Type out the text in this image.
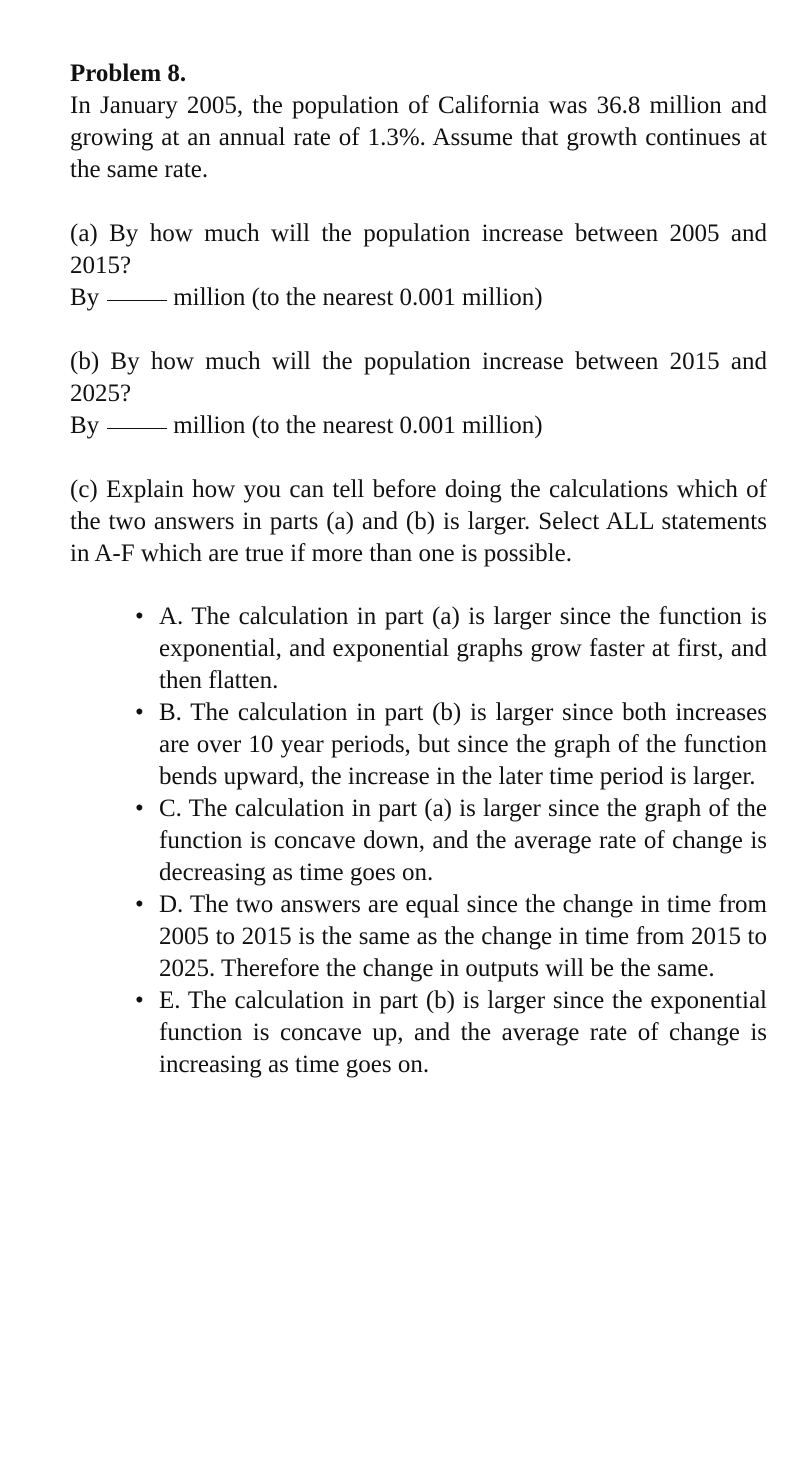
Problem 8.

In January 2005, the population of California was 36.8 million and growing at an annual rate of 1.3%. Assume that growth continues at the same rate.

(a) By how much will the population increase between 2005 and 2015?

By	million (to the nearest 0.001 million)

(b) By how much will the population increase between 2015 and 2025?

By	million (to the nearest 0.001 million)

(c) Explain how you can tell before doing the calculations which of the two answers in parts (a) and (b) is larger. Select ALL statements in A-F which are true if more than one is possible.

• A. The calculation in part (a) is larger since the function is exponential, and exponential graphs grow faster at first, and then flatten.
• B. The calculation in part (b) is larger since both increases are over 10 year periods, but since the graph of the function bends upward, the increase in the later time period is larger.
• C. The calculation in part (a) is larger since the graph of the function is concave down, and the average rate of change is decreasing as time goes on.
• D. The two answers are equal since the change in time from 2005 to 2015 is the same as the change in time from 2015 to 2025. Therefore the change in outputs will be the same.
• E. The calculation in part (b) is larger since the exponential function is concave up, and the average rate of change is increasing as time goes on.
